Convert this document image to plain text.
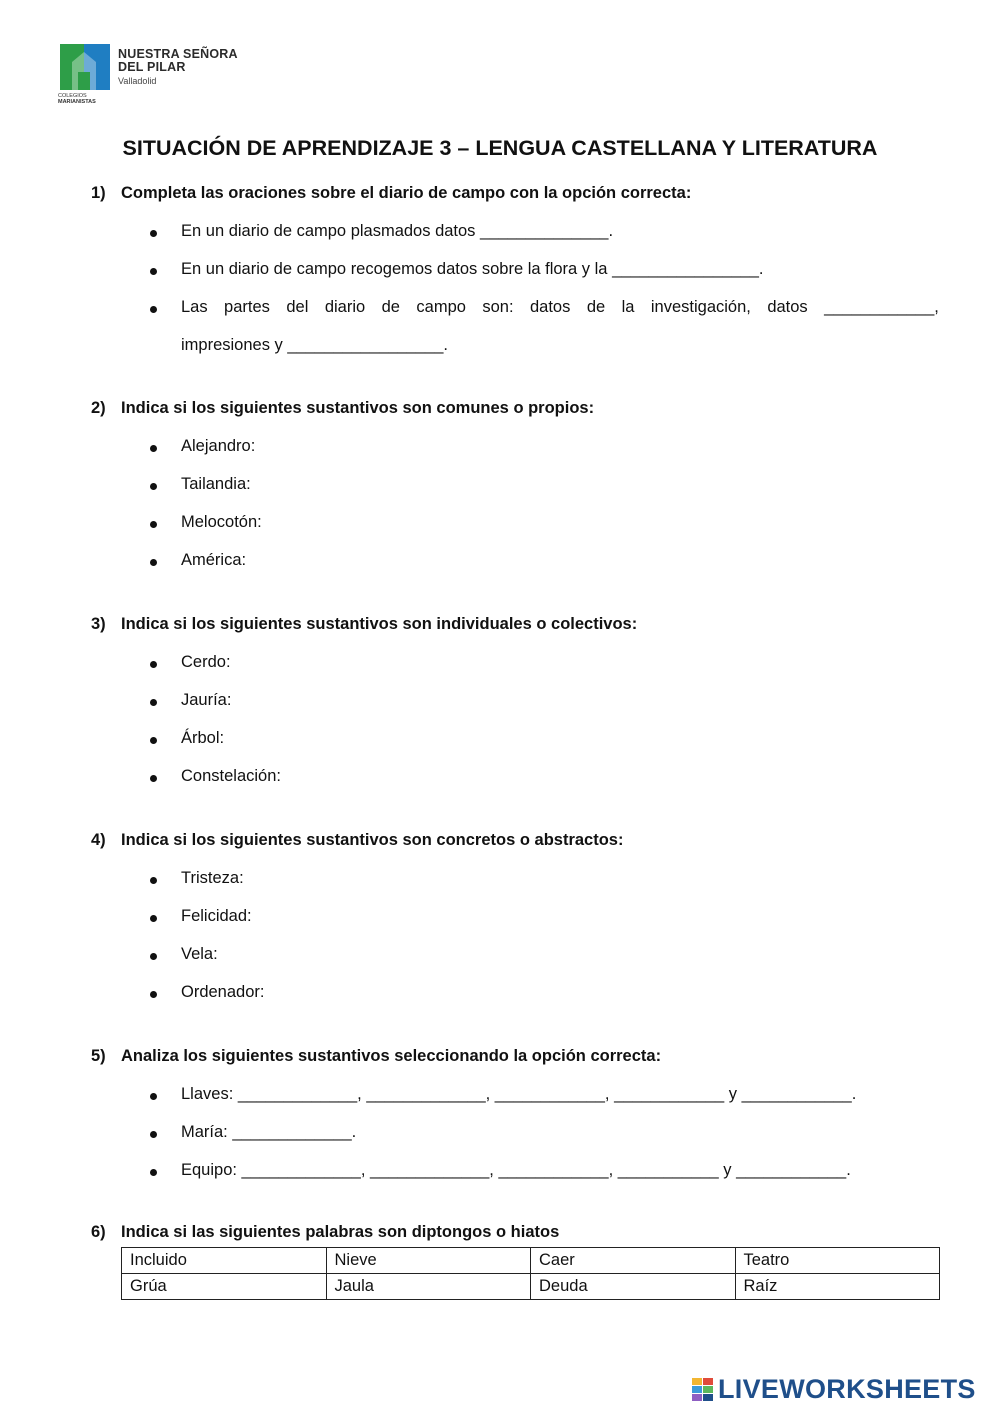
NUESTRA SEÑORA
DEL PILAR
Valladolid
COLEGIOS
MARIANISTAS
SITUACIÓN DE APRENDIZAJE 3 – LENGUA CASTELLANA Y LITERATURA
1) Completa las oraciones sobre el diario de campo con la opción correcta:
En un diario de campo plasmados datos ______________.
En un diario de campo recogemos datos sobre la flora y la ________________.
Las partes del diario de campo son: datos de la investigación, datos ____________,
impresiones y _________________.
2) Indica si los siguientes sustantivos son comunes o propios:
Alejandro:
Tailandia:
Melocotón:
América:
3) Indica si los siguientes sustantivos son individuales o colectivos:
Cerdo:
Jauría:
Árbol:
Constelación:
4) Indica si los siguientes sustantivos son concretos o abstractos:
Tristeza:
Felicidad:
Vela:
Ordenador:
5) Analiza los siguientes sustantivos seleccionando la opción correcta:
Llaves: _____________, _____________, ____________, ____________ y ____________.
María: _____________.
Equipo: _____________, _____________, ____________, ___________ y ____________.
6) Indica si las siguientes palabras son diptongos o hiatos
Incluido	Nieve	Caer	Teatro
Grúa	Jaula	Deuda	Raíz
LIVEWORKSHEETS
